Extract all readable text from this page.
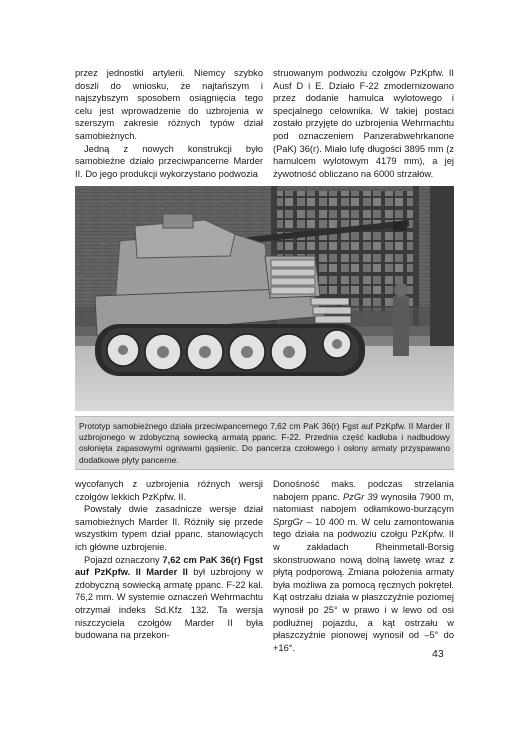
przez jednostki artylerii. Niemcy szybko doszli do wniosku, że najtańszym i najszybszym sposobem osiągnięcia tego celu jest wprowadzenie do uzbrojenia w szerszym zakresie różnych typów dział samobieżnych.

Jedną z nowych konstrukcji było samobieżne działo przeciwpancerne Marder II. Do jego produkcji wykorzystano podwozia

struowanym podwoziu czołgów PzKpfw. II Ausf D i E. Działo F-22 zmodernizowano przez dodanie hamulca wylotowego i specjalnego celownika. W takiej postaci zostało przyjęte do uzbrojenia Wehrmachtu pod oznaczeniem Panzerabwehrkanone (PaK) 36(r). Miało lufę długości 3895 mm (z hamulcem wylotowym 4179 mm), a jej żywotność obliczano na 6000 strzałów.

Prototyp samobieżnego działa przeciwpancernego 7,62 cm PaK 36(r) Fgst auf PzKpfw. II Marder II uzbrojonego w zdobyczną sowiecką armatą ppanc. F-22. Przednia część kadłuba i nadbudowy osłonięta zapasowymi ogniwami gąsienic. Do pancerza czołowego i osłony armaty przyspawano dodatkowe płyty pancerne.

wycofanych z uzbrojenia różnych wersji czołgów lekkich PzKpfw. II.

Powstały dwie zasadnicze wersje dział samobieżnych Marder II. Różniły się przede wszystkim typem dział ppanc. stanowiących ich główne uzbrojenie.

Pojazd oznaczony 7,62 cm PaK 36(r) Fgst auf PzKpfw. II Marder II był uzbrojony w zdobyczną sowiecką armatę ppanc. F-22 kal. 76,2 mm. W systemie oznaczeń Wehrmachtu otrzymał indeks Sd.Kfz 132. Ta wersja niszczyciela czołgów Marder II była budowana na przekon-

Donośność maks. podczas strzelania nabojem ppanc. PzGr 39 wynosiła 7900 m, natomiast nabojem odłamkowo-burzącym SprgGr – 10 400 m. W celu zamontowania tego działa na podwoziu czołgu PzKpfw. II w zakładach Rheinmetall-Borsig skonstruowano nową dolną lawetę wraz z płytą podporową. Zmiana położenia armaty była możliwa za pomocą ręcznych pokręteł. Kąt ostrzału działa w płaszczyźnie poziomej wynosił po 25° w prawo i w lewo od osi podłużnej pojazdu, a kąt ostrzału w płaszczyźnie pionowej wynosił od –5° do +16°.

43
